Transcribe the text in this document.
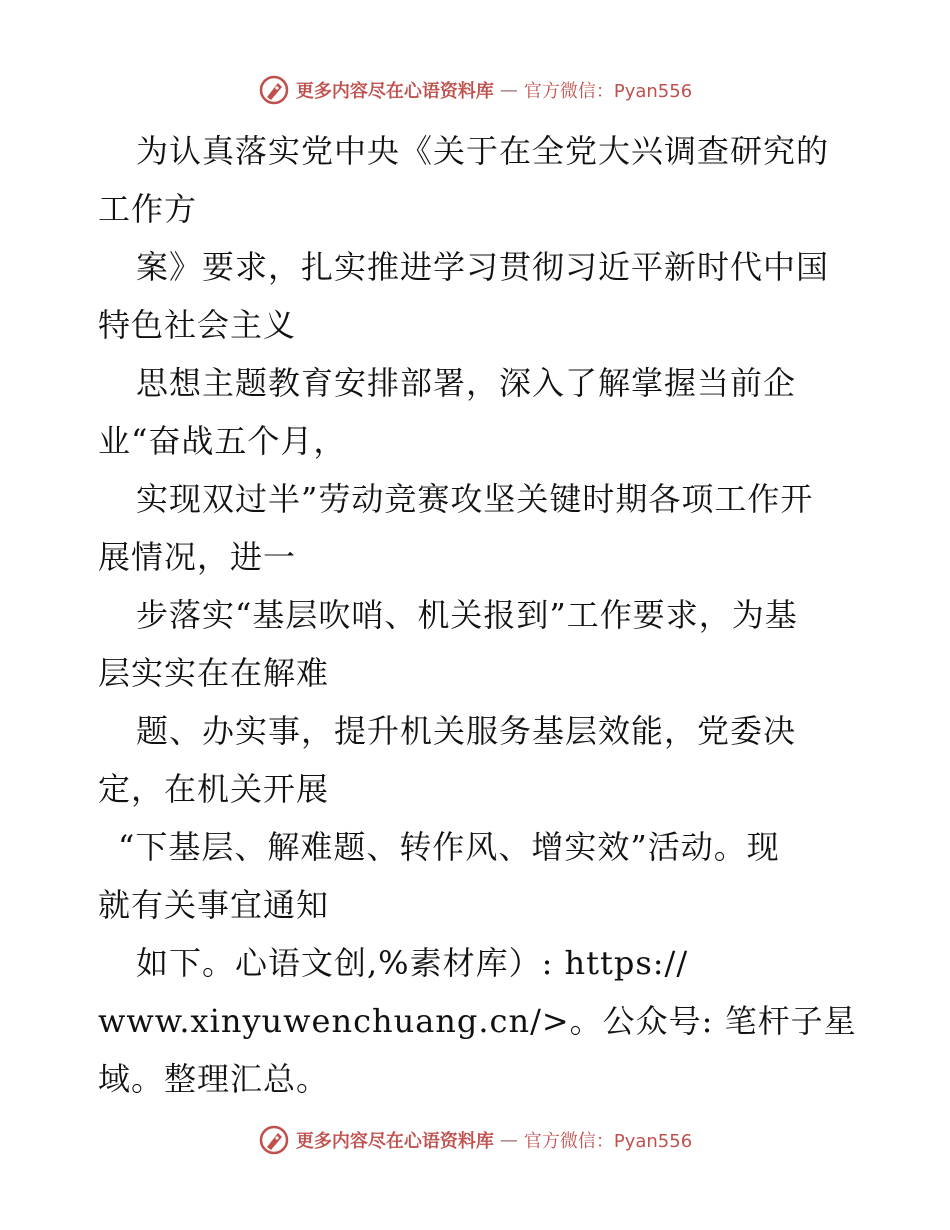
更多内容尽在心语资料库 — 官方微信：Pyan556
为认真落实党中央《关于在全党大兴调查研究的
工作方
案》要求，扎实推进学习贯彻习近平新时代中国
特色社会主义
思想主题教育安排部署，深入了解掌握当前企
业“奋战五个月，
实现双过半”劳动竞赛攻坚关键时期各项工作开
展情况，进一
步落实“基层吹哨、机关报到”工作要求，为基
层实实在在解难
题、办实事，提升机关服务基层效能，党委决
定，在机关开展
“下基层、解难题、转作风、增实效”活动。现
就有关事宜通知
如下。心语文创,%素材库）: https://
www.xinyuwenchuang.cn/>。公众号: 笔杆子星
域。整理汇总。
更多内容尽在心语资料库 — 官方微信：Pyan556
